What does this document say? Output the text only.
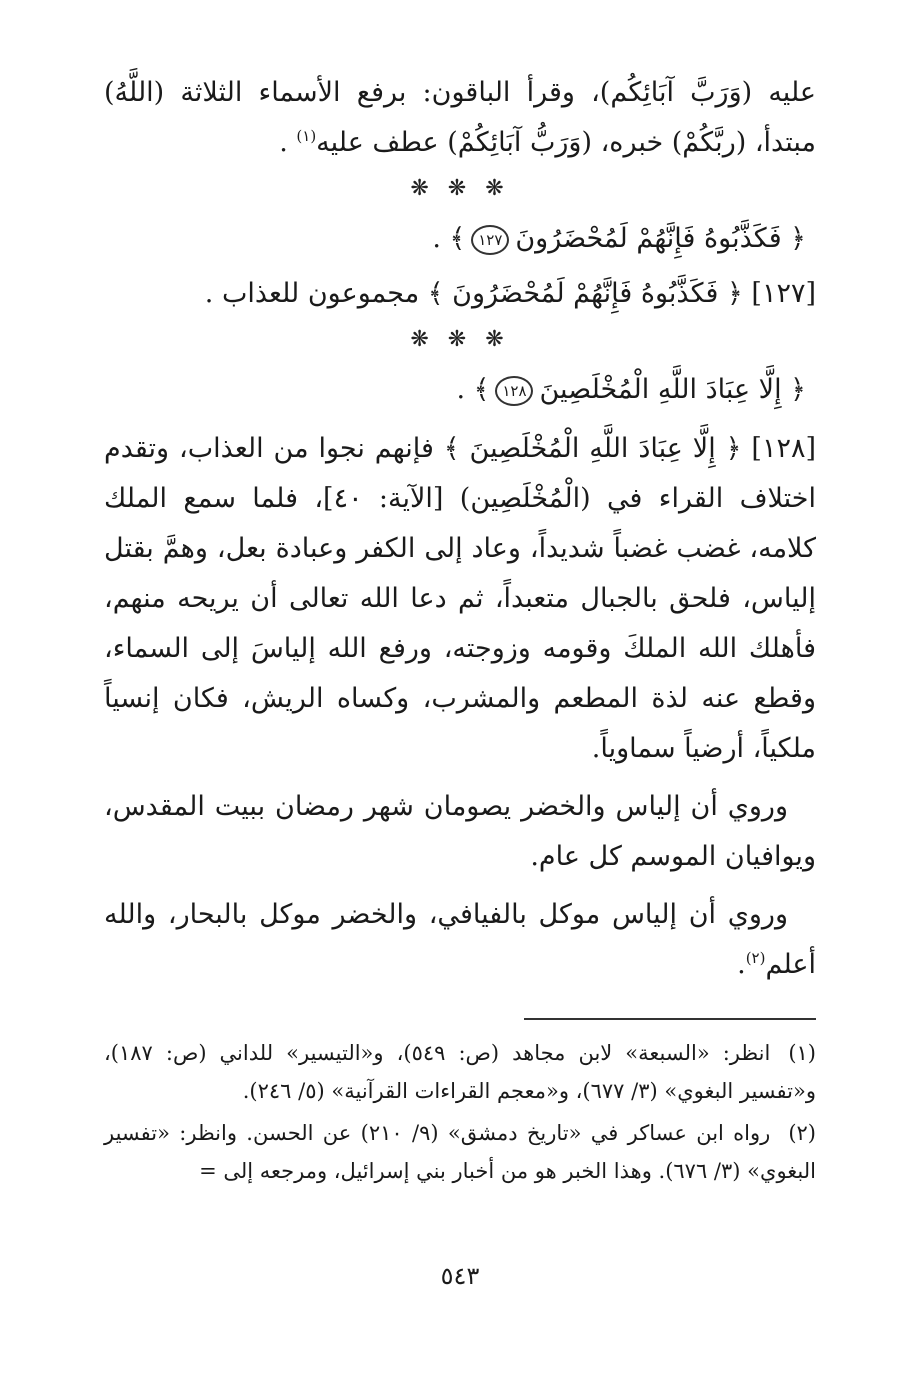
عليه (وَرَبَّ آبَائِكُم)، وقرأ الباقون: برفع الأسماء الثلاثة (اللَّهُ) مبتدأ، (ربَّكُمْ) خبره، (وَرَبُّ آبَائِكُمْ) عطف عليه$^{(١)}$ .

❋ ❋ ❋
﴿ فَكَذَّبُوهُ فَإِنَّهُمْ لَمُحْضَرُونَ١٢٧﴾ .

[١٢٧] ﴿ فَكَذَّبُوهُ فَإِنَّهُمْ لَمُحْضَرُونَ ﴾ مجموعون للعذاب .

❋ ❋ ❋
﴿ إِلَّا عِبَادَ اللَّهِ الْمُخْلَصِينَ١٢٨﴾ .

[١٢٨] ﴿ إِلَّا عِبَادَ اللَّهِ الْمُخْلَصِينَ ﴾ فإنهم نجوا من العذاب، وتقدم اختلاف القراء في (الْمُخْلَصِين) [الآية: ٤٠]، فلما سمع الملك كلامه، غضب غضباً شديداً، وعاد إلى الكفر وعبادة بعل، وهمَّ بقتل إلياس، فلحق بالجبال متعبداً، ثم دعا الله تعالى أن يريحه منهم، فأهلك الله الملكَ وقومه وزوجته، ورفع الله إلياسَ إلى السماء، وقطع عنه لذة المطعم والمشرب، وكساه الريش، فكان إنسياً ملكياً، أرضياً سماوياً.

وروي أن إلياس والخضر يصومان شهر رمضان ببيت المقدس، ويوافيان الموسم كل عام.

وروي أن إلياس موكل بالفيافي، والخضر موكل بالبحار، والله أعلم$^{(٢)}$.

(١)انظر: «السبعة» لابن مجاهد (ص: ٥٤٩)، و«التيسير» للداني (ص: ١٨٧)، و«تفسير البغوي» (٣/ ٦٧٧)، و«معجم القراءات القرآنية» (٥/ ٢٤٦).

(٢)رواه ابن عساكر في «تاريخ دمشق» (٩/ ٢١٠) عن الحسن. وانظر: «تفسير البغوي» (٣/ ٦٧٦). وهذا الخبر هو من أخبار بني إسرائيل، ومرجعه إلى =

٥٤٣
